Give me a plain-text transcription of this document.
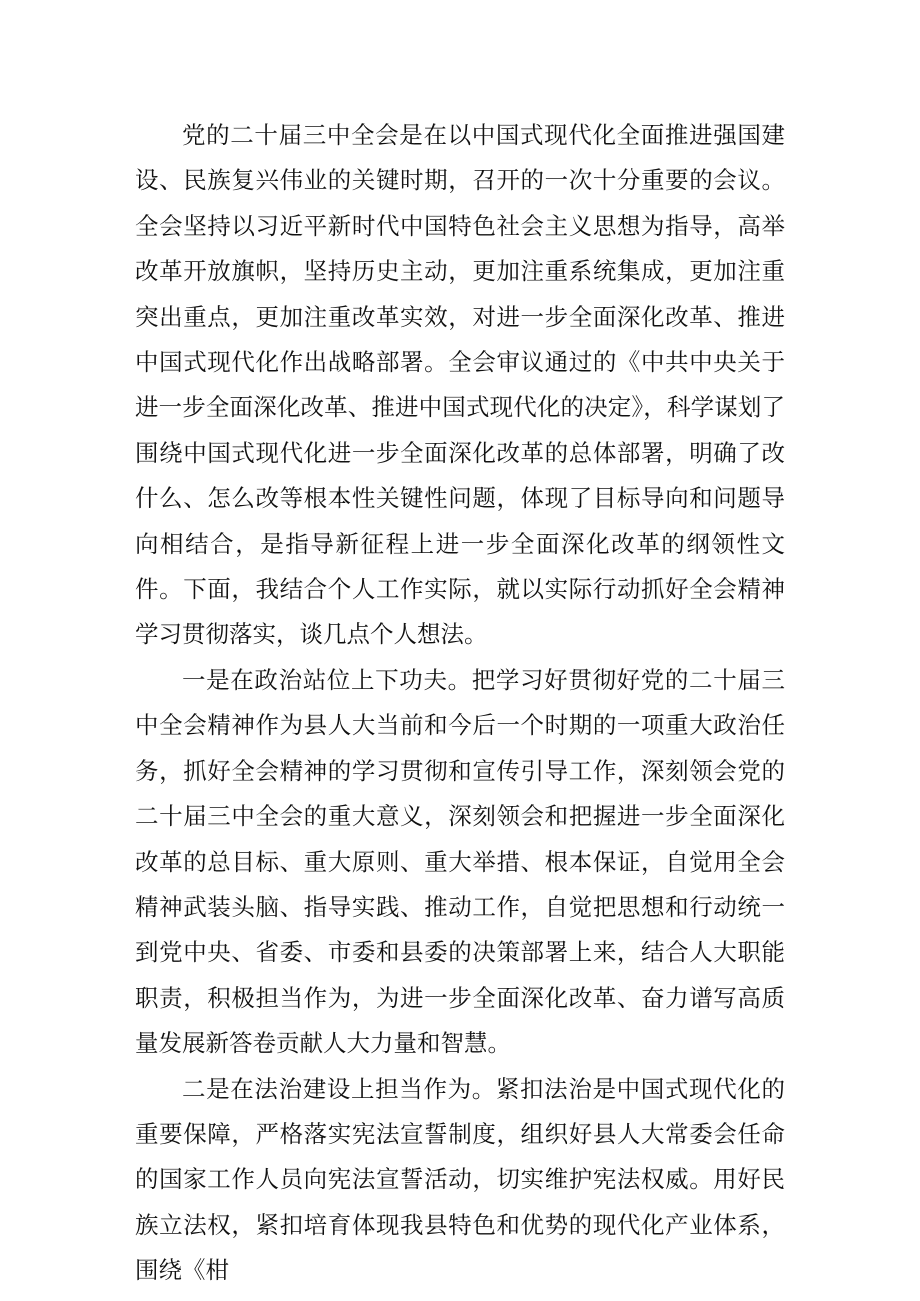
党的二十届三中全会是在以中国式现代化全面推进强国建设、民族复兴伟业的关键时期，召开的一次十分重要的会议。全会坚持以习近平新时代中国特色社会主义思想为指导，高举改革开放旗帜，坚持历史主动，更加注重系统集成，更加注重突出重点，更加注重改革实效，对进一步全面深化改革、推进中国式现代化作出战略部署。全会审议通过的《中共中央关于进一步全面深化改革、推进中国式现代化的决定》，科学谋划了围绕中国式现代化进一步全面深化改革的总体部署，明确了改什么、怎么改等根本性关键性问题，体现了目标导向和问题导向相结合，是指导新征程上进一步全面深化改革的纲领性文件。下面，我结合个人工作实际，就以实际行动抓好全会精神学习贯彻落实，谈几点个人想法。

一是在政治站位上下功夫。把学习好贯彻好党的二十届三中全会精神作为县人大当前和今后一个时期的一项重大政治任务，抓好全会精神的学习贯彻和宣传引导工作，深刻领会党的二十届三中全会的重大意义，深刻领会和把握进一步全面深化改革的总目标、重大原则、重大举措、根本保证，自觉用全会精神武装头脑、指导实践、推动工作，自觉把思想和行动统一到党中央、省委、市委和县委的决策部署上来，结合人大职能职责，积极担当作为，为进一步全面深化改革、奋力谱写高质量发展新答卷贡献人大力量和智慧。

二是在法治建设上担当作为。紧扣法治是中国式现代化的重要保障，严格落实宪法宣誓制度，组织好县人大常委会任命的国家工作人员向宪法宣誓活动，切实维护宪法权威。用好民族立法权，紧扣培育体现我县特色和优势的现代化产业体系，围绕《柑
